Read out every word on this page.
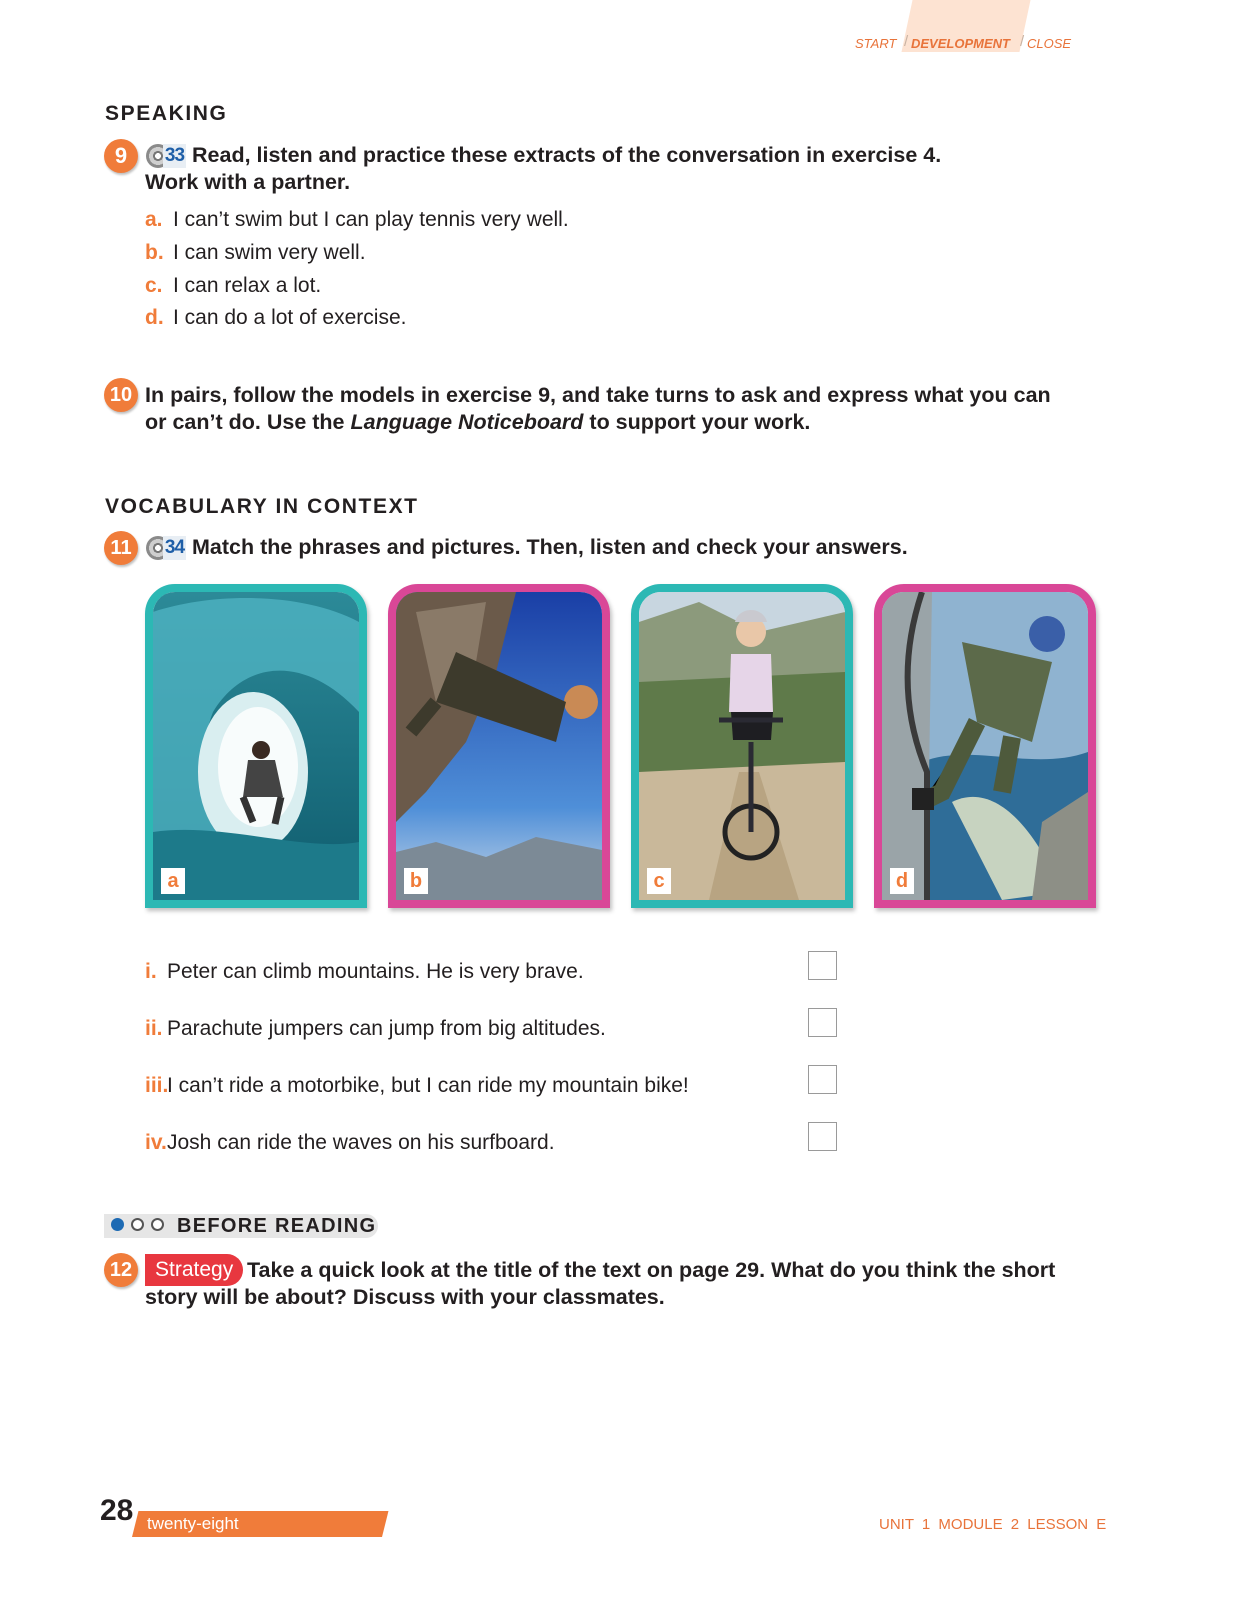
START / DEVELOPMENT / CLOSE
SPEAKING
9	33 Read, listen and practice these extracts of the conversation in exercise 4.
Work with a partner.
a. I can’t swim but I can play tennis very well.
b. I can swim very well.
c. I can relax a lot.
d. I can do a lot of exercise.
10 In pairs, follow the models in exercise 9, and take turns to ask and express what you can
or can’t do. Use the Language Noticeboard to support your work.
VOCABULARY IN CONTEXT
11	34 Match the phrases and pictures. Then, listen and check your answers.
a	b	c	d
i. Peter can climb mountains. He is very brave.
ii. Parachute jumpers can jump from big altitudes.
iii.I can’t ride a motorbike, but I can ride my mountain bike!
iv.Josh can ride the waves on his surfboard.
BEFORE READING
12	Strategy Take a quick look at the title of the text on page 29. What do you think the short
story will be about? Discuss with your classmates.
28 twenty-eight	UNIT 1 MODULE 2 LESSON E
